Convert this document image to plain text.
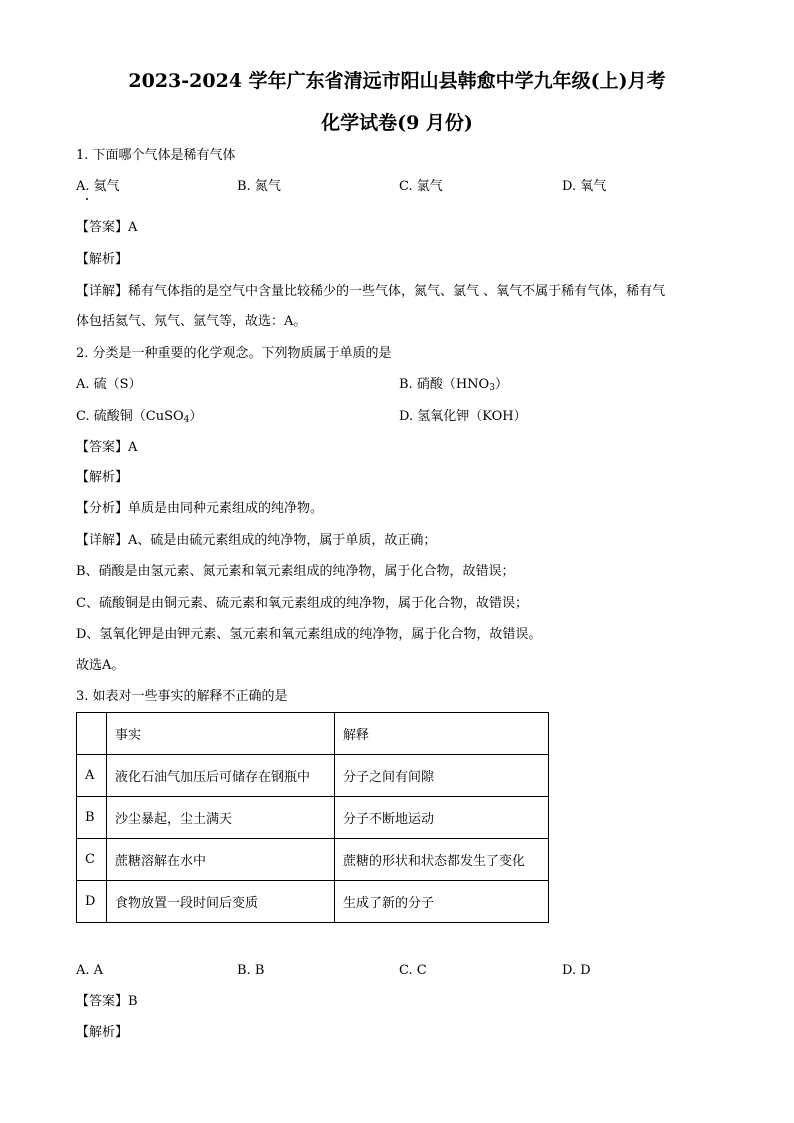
2023-2024 学年广东省清远市阳山县韩愈中学九年级(上)月考
化学试卷(9 月份)
1. 下面哪个气体是稀有气体
A. 氦气	B. 氮气	C. 氯气	D. 氧气
【答案】A
【解析】
【详解】稀有气体指的是空气中含量比较稀少的一些气体，氮气、氯气 、氧气不属于稀有气体，稀有气
体包括氦气、氖气、氩气等，故选：A。
2. 分类是一种重要的化学观念。下列物质属于单质的是
A. 硫（S）	B. 硝酸$(HNO_3)$
C. 硫酸铜（CuSO$_4$）	D. 氢氧化钾（KOH）
【答案】A
【解析】
【分析】单质是由同种元素组成的纯净物。
【详解】A、硫是由硫元素组成的纯净物，属于单质，故正确；
B、硝酸是由氢元素、氮元素和氧元素组成的纯净物，属于化合物，故错误；
C、硫酸铜是由铜元素、硫元素和氧元素组成的纯净物，属于化合物，故错误；
D、氢氧化钾是由钾元素、氢元素和氧元素组成的纯净物，属于化合物，故错误。
故选A。
3. 如表对一些事实的解释不正确的是
	事实	解释
A	液化石油气加压后可储存在钢瓶中	分子之间有间隙
B	沙尘暴起，尘土满天	分子不断地运动
C	蔗糖溶解在水中	蔗糖的形状和状态都发生了变化
D	食物放置一段时间后变质	生成了新的分子
A. A	B. B	C. C	D. D
【答案】B
【解析】
